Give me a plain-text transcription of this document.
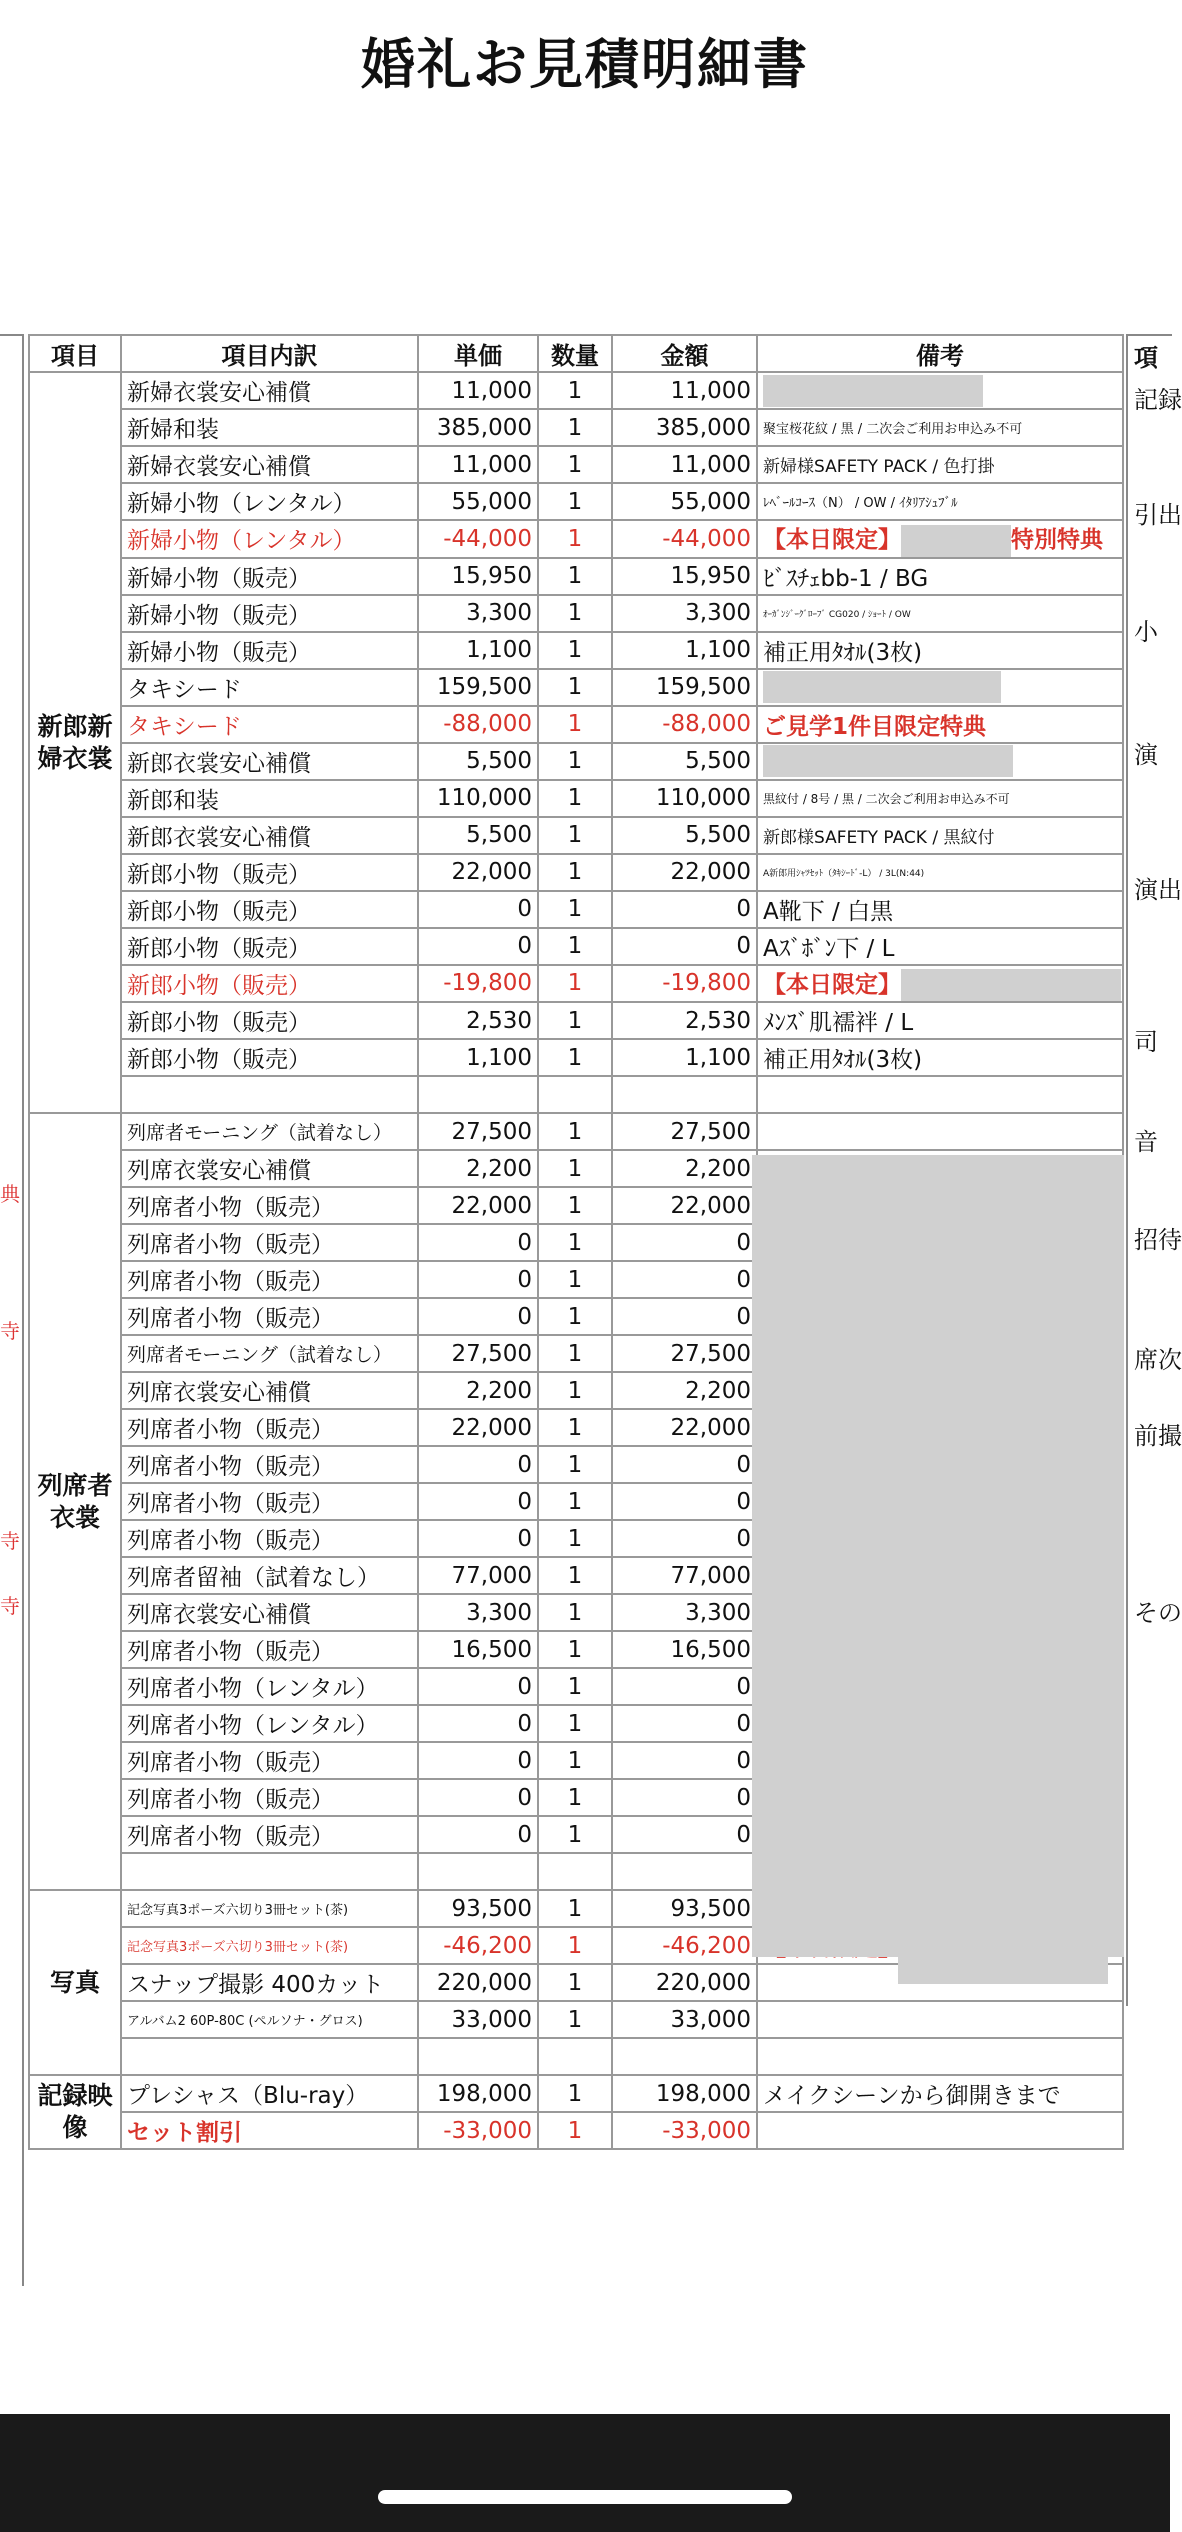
婚礼お見積明細書
典
寺
寺
寺
項
記録
引出
小
演
演出
司
音
招待
席次
前撮
その
項目	項目内訳	単価	数量	金額	備考
新郎新婦衣裳	新婦衣裳安心補償	11,000	1	11,000	
	新婦和装	385,000	1	385,000	聚宝桜花紋 / 黒 / 二次会ご利用お申込み不可
	新婦衣裳安心補償	11,000	1	11,000	新婦様SAFETY PACK / 色打掛
	新婦小物（レンタル）	55,000	1	55,000	ﾚﾍﾞｰﾙｺｰｽ（N） / OW / ｲﾀﾘｱｼｭﾌﾞﾙ
	新婦小物（レンタル）	-44,000	1	-44,000	【本日限定】 特別特典
	新婦小物（販売）	15,950	1	15,950	ﾋﾞｽﾁｪbb-1 / BG
	新婦小物（販売）	3,300	1	3,300	ｵｰｶﾞﾝｼﾞｰｸﾞﾛｰﾌﾞ CG020 / ｼｮｰﾄ / OW
	新婦小物（販売）	1,100	1	1,100	補正用ﾀｵﾙ(3枚)
	タキシード	159,500	1	159,500	
	タキシード	-88,000	1	-88,000	ご見学1件目限定特典
	新郎衣裳安心補償	5,500	1	5,500	
	新郎和装	110,000	1	110,000	黒紋付 / 8号 / 黒 / 二次会ご利用お申込み不可
	新郎衣裳安心補償	5,500	1	5,500	新郎様SAFETY PACK / 黒紋付
	新郎小物（販売）	22,000	1	22,000	A新郎用ｼｬﾂｾｯﾄ（ﾀｷｼｰﾄﾞ-L） / 3L(N:44)
	新郎小物（販売）	0	1	0	A靴下 / 白黒
	新郎小物（販売）	0	1	0	Aｽﾞﾎﾞﾝ下 / L
	新郎小物（販売）	-19,800	1	-19,800	【本日限定】
	新郎小物（販売）	2,530	1	2,530	ﾒﾝｽﾞ肌襦袢 / L
	新郎小物（販売）	1,100	1	1,100	補正用ﾀｵﾙ(3枚)

列席者衣裳	列席者モーニング（試着なし）	27,500	1	27,500	
	列席衣裳安心補償	2,200	1	2,200	
	列席者小物（販売）	22,000	1	22,000	
	列席者小物（販売）	0	1	0	
	列席者小物（販売）	0	1	0	
	列席者小物（販売）	0	1	0	
	列席者モーニング（試着なし）	27,500	1	27,500	
	列席衣裳安心補償	2,200	1	2,200	
	列席者小物（販売）	22,000	1	22,000	
	列席者小物（販売）	0	1	0	
	列席者小物（販売）	0	1	0	
	列席者小物（販売）	0	1	0	
	列席者留袖（試着なし）	77,000	1	77,000	
	列席衣裳安心補償	3,300	1	3,300	
	列席者小物（販売）	16,500	1	16,500	
	列席者小物（レンタル）	0	1	0	
	列席者小物（レンタル）	0	1	0	
	列席者小物（販売）	0	1	0	
	列席者小物（販売）	0	1	0	
	列席者小物（販売）	0	1	0	

写真	記念写真3ポーズ六切り3冊セット(茶)	93,500	1	93,500	
	記念写真3ポーズ六切り3冊セット(茶)	-46,200	1	-46,200	

	スナップ撮影 400カット	220,000	1	220,000	
	アルバム2 60P-80C (ペルソナ・グロス)	33,000	1	33,000	

記録映像	プレシャス（Blu-ray）	198,000	1	198,000	メイクシーンから御開きまで
	セット割引	-33,000	1	-33,000	
